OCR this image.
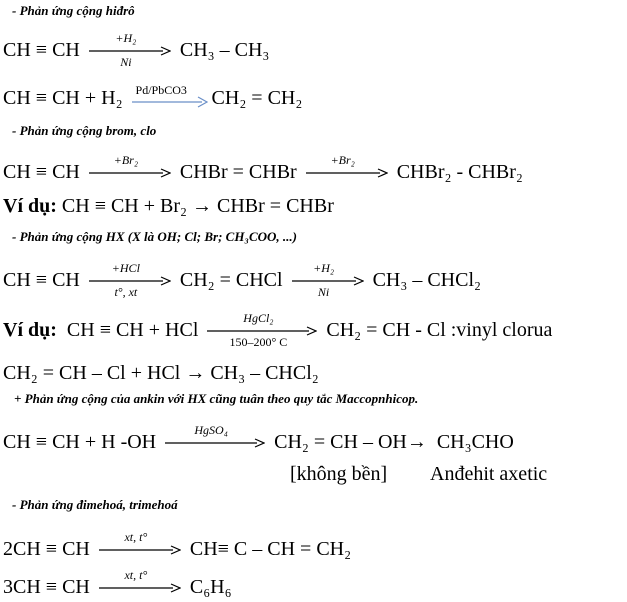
- Phản ứng cộng hiđrô
CH ≡ CH
+H₂
Ni
CH₃ – CH₃
CH ≡ CH + H₂ Pd/PbCO3	CH₂ = CH₂
- Phản ứng cộng brom, clo
CH ≡ CH
+Br₂
CHBr = CHBr
+Br₂
CHBr₂ - CHBr₂
Ví dụ: CH ≡ CH + Br₂ → CHBr = CHBr
- Phản ứng cộng HX (X là OH; Cl; Br; CH₃COO, ...)
CH ≡ CH
+HCl
t°, xt
CH₂ = CHCl
+H₂
Ni
CH₃ – CHCl₂
Ví dụ: CH ≡ CH + HCl
HgCl₂
150–200° C
CH₂ = CH - Cl :vinyl clorua
CH₂ = CH – Cl + HCl → CH₃ – CHCl₂
+ Phản ứng cộng của ankin với HX cũng tuân theo quy tắc Maccopnhicop.
CH ≡ CH + H -OH
HgSO₄
CH₂ = CH – OH→  CH₃CHO
[không bền] Anđehit axetic
- Phản ứng đimehoá, trimehoá
2CH ≡ CH
xt, t°
CH≡ C – CH = CH₂
3CH ≡ CH
xt, t°
C₆H₆
